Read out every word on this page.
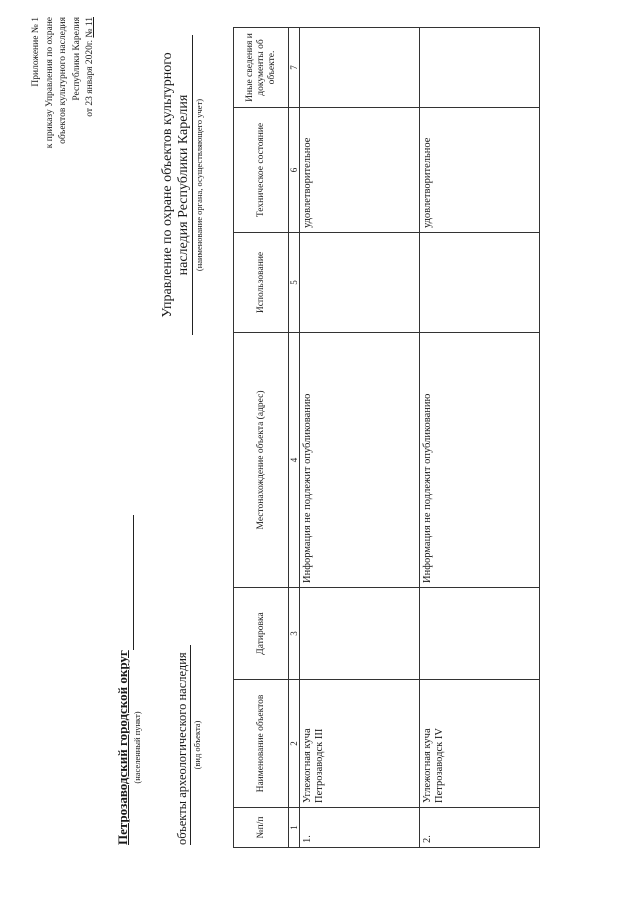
Приложение № 1 к приказу Управления по охране объектов культурного наследия Республики Карелия от 23 января 2020г. № 11
Управление по охране объектов культурного наследия Республики Карелия (наименование органа, осуществляющего учет)
Петрозаводский городской округ (населенный пункт)	объекты археологического наследия (вид объекта)
№п/п	Наименование объектов	Датировка	Местонахождение объекта (адрес)	Использование	Техническое состояние	Иные сведения и документы об объекте.
1	2	3	4	5	6	7
1.	Углежогная куча Петрозаводск III		Информация не подлежит опубликованию		удовлетворительное	
2.	Углежогная куча Петрозаводск IV		Информация не подлежит опубликованию		удовлетворительное	
